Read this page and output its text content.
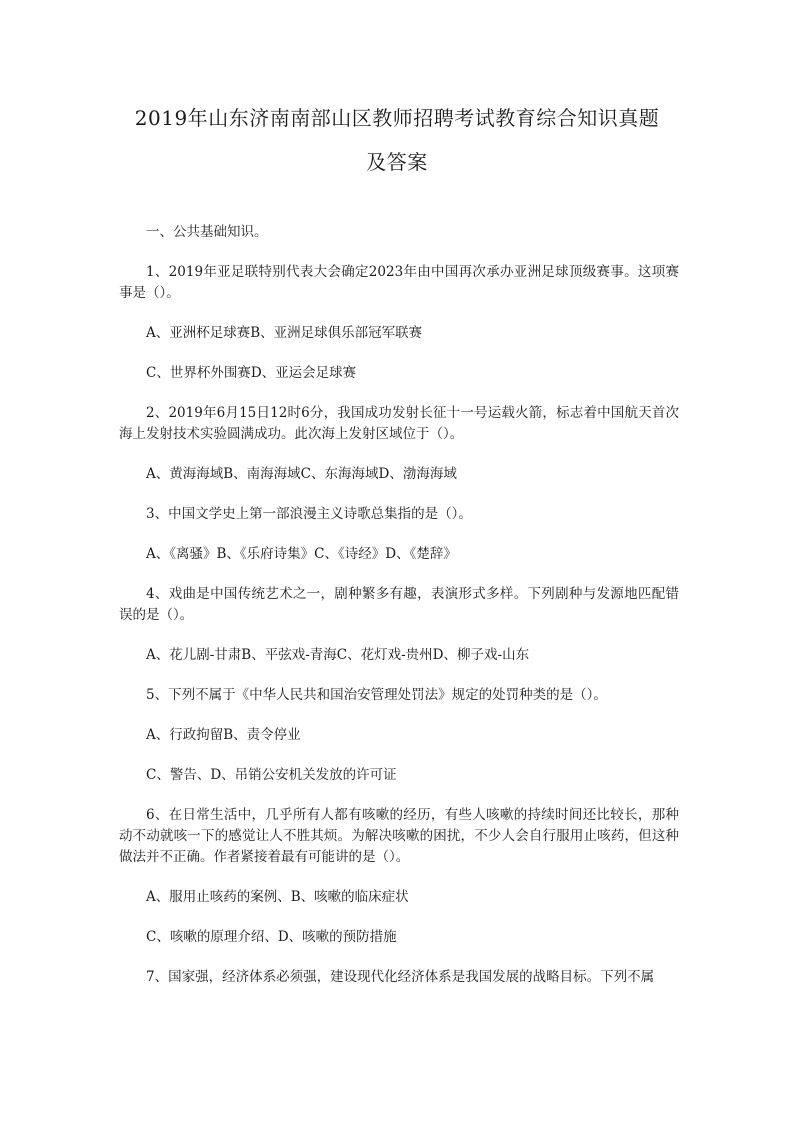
2019年山东济南南部山区教师招聘考试教育综合知识真题
及答案

一、公共基础知识。

1、2019年亚足联特别代表大会确定2023年由中国再次承办亚洲足球顶级赛事。这项赛事是（）。

A、亚洲杯足球赛B、亚洲足球俱乐部冠军联赛

C、世界杯外围赛D、亚运会足球赛

2、2019年6月15日12时6分，我国成功发射长征十一号运载火箭，标志着中国航天首次海上发射技术实验圆满成功。此次海上发射区域位于（）。

A、黄海海域B、南海海域C、东海海域D、渤海海域

3、中国文学史上第一部浪漫主义诗歌总集指的是（）。

A、《离骚》B、《乐府诗集》C、《诗经》D、《楚辞》

4、戏曲是中国传统艺术之一，剧种繁多有趣，表演形式多样。下列剧种与发源地匹配错误的是（）。

A、花儿剧-甘肃B、平弦戏-青海C、花灯戏-贵州D、柳子戏-山东

5、下列不属于《中华人民共和国治安管理处罚法》规定的处罚种类的是（）。

A、行政拘留B、责令停业

C、警告、D、吊销公安机关发放的许可证

6、在日常生活中，几乎所有人都有咳嗽的经历，有些人咳嗽的持续时间还比较长，那种动不动就咳一下的感觉让人不胜其烦。为解决咳嗽的困扰，不少人会自行服用止咳药，但这种做法并不正确。作者紧接着最有可能讲的是（）。

A、服用止咳药的案例、B、咳嗽的临床症状

C、咳嗽的原理介绍、D、咳嗽的预防措施

7、国家强，经济体系必须强，建设现代化经济体系是我国发展的战略目标。下列不属
